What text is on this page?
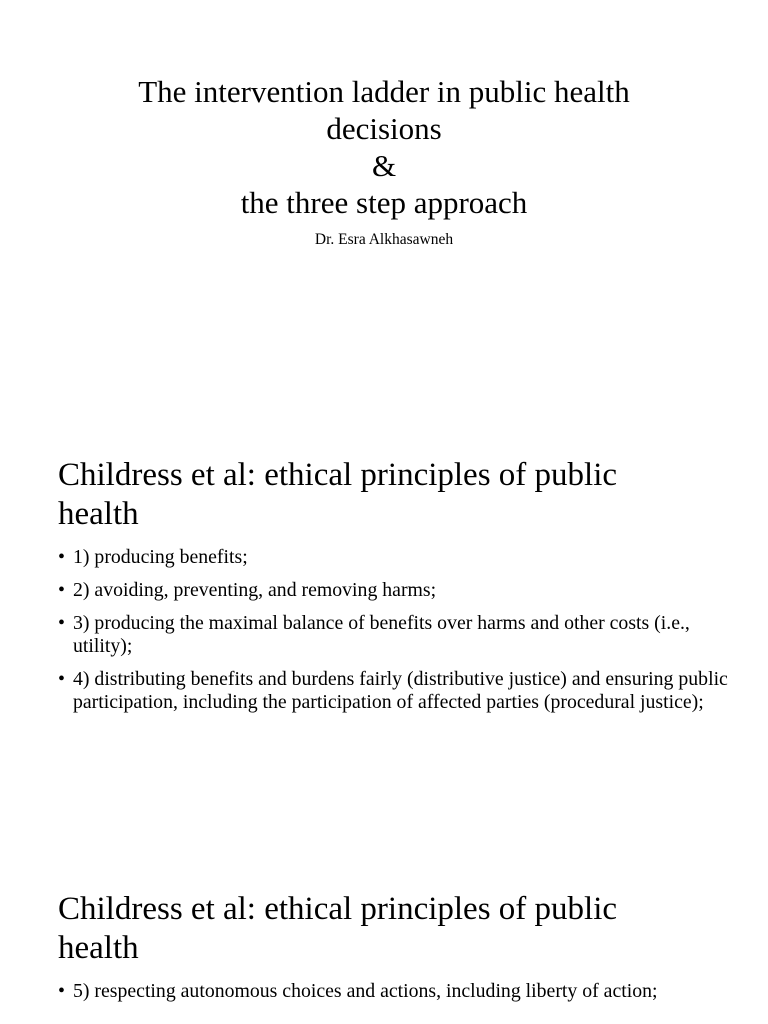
The intervention ladder in public health
decisions
&
the three step approach
Dr. Esra Alkhasawneh
Childress et al: ethical principles of public
health
• 1) producing benefits;
• 2) avoiding, preventing, and removing harms;
• 3) producing the maximal balance of benefits over harms and other costs (i.e., utility);
• 4) distributing benefits and burdens fairly (distributive justice) and ensuring public participation, including the participation of affected parties (procedural justice);
Childress et al: ethical principles of public
health
• 5) respecting autonomous choices and actions, including liberty of action;
